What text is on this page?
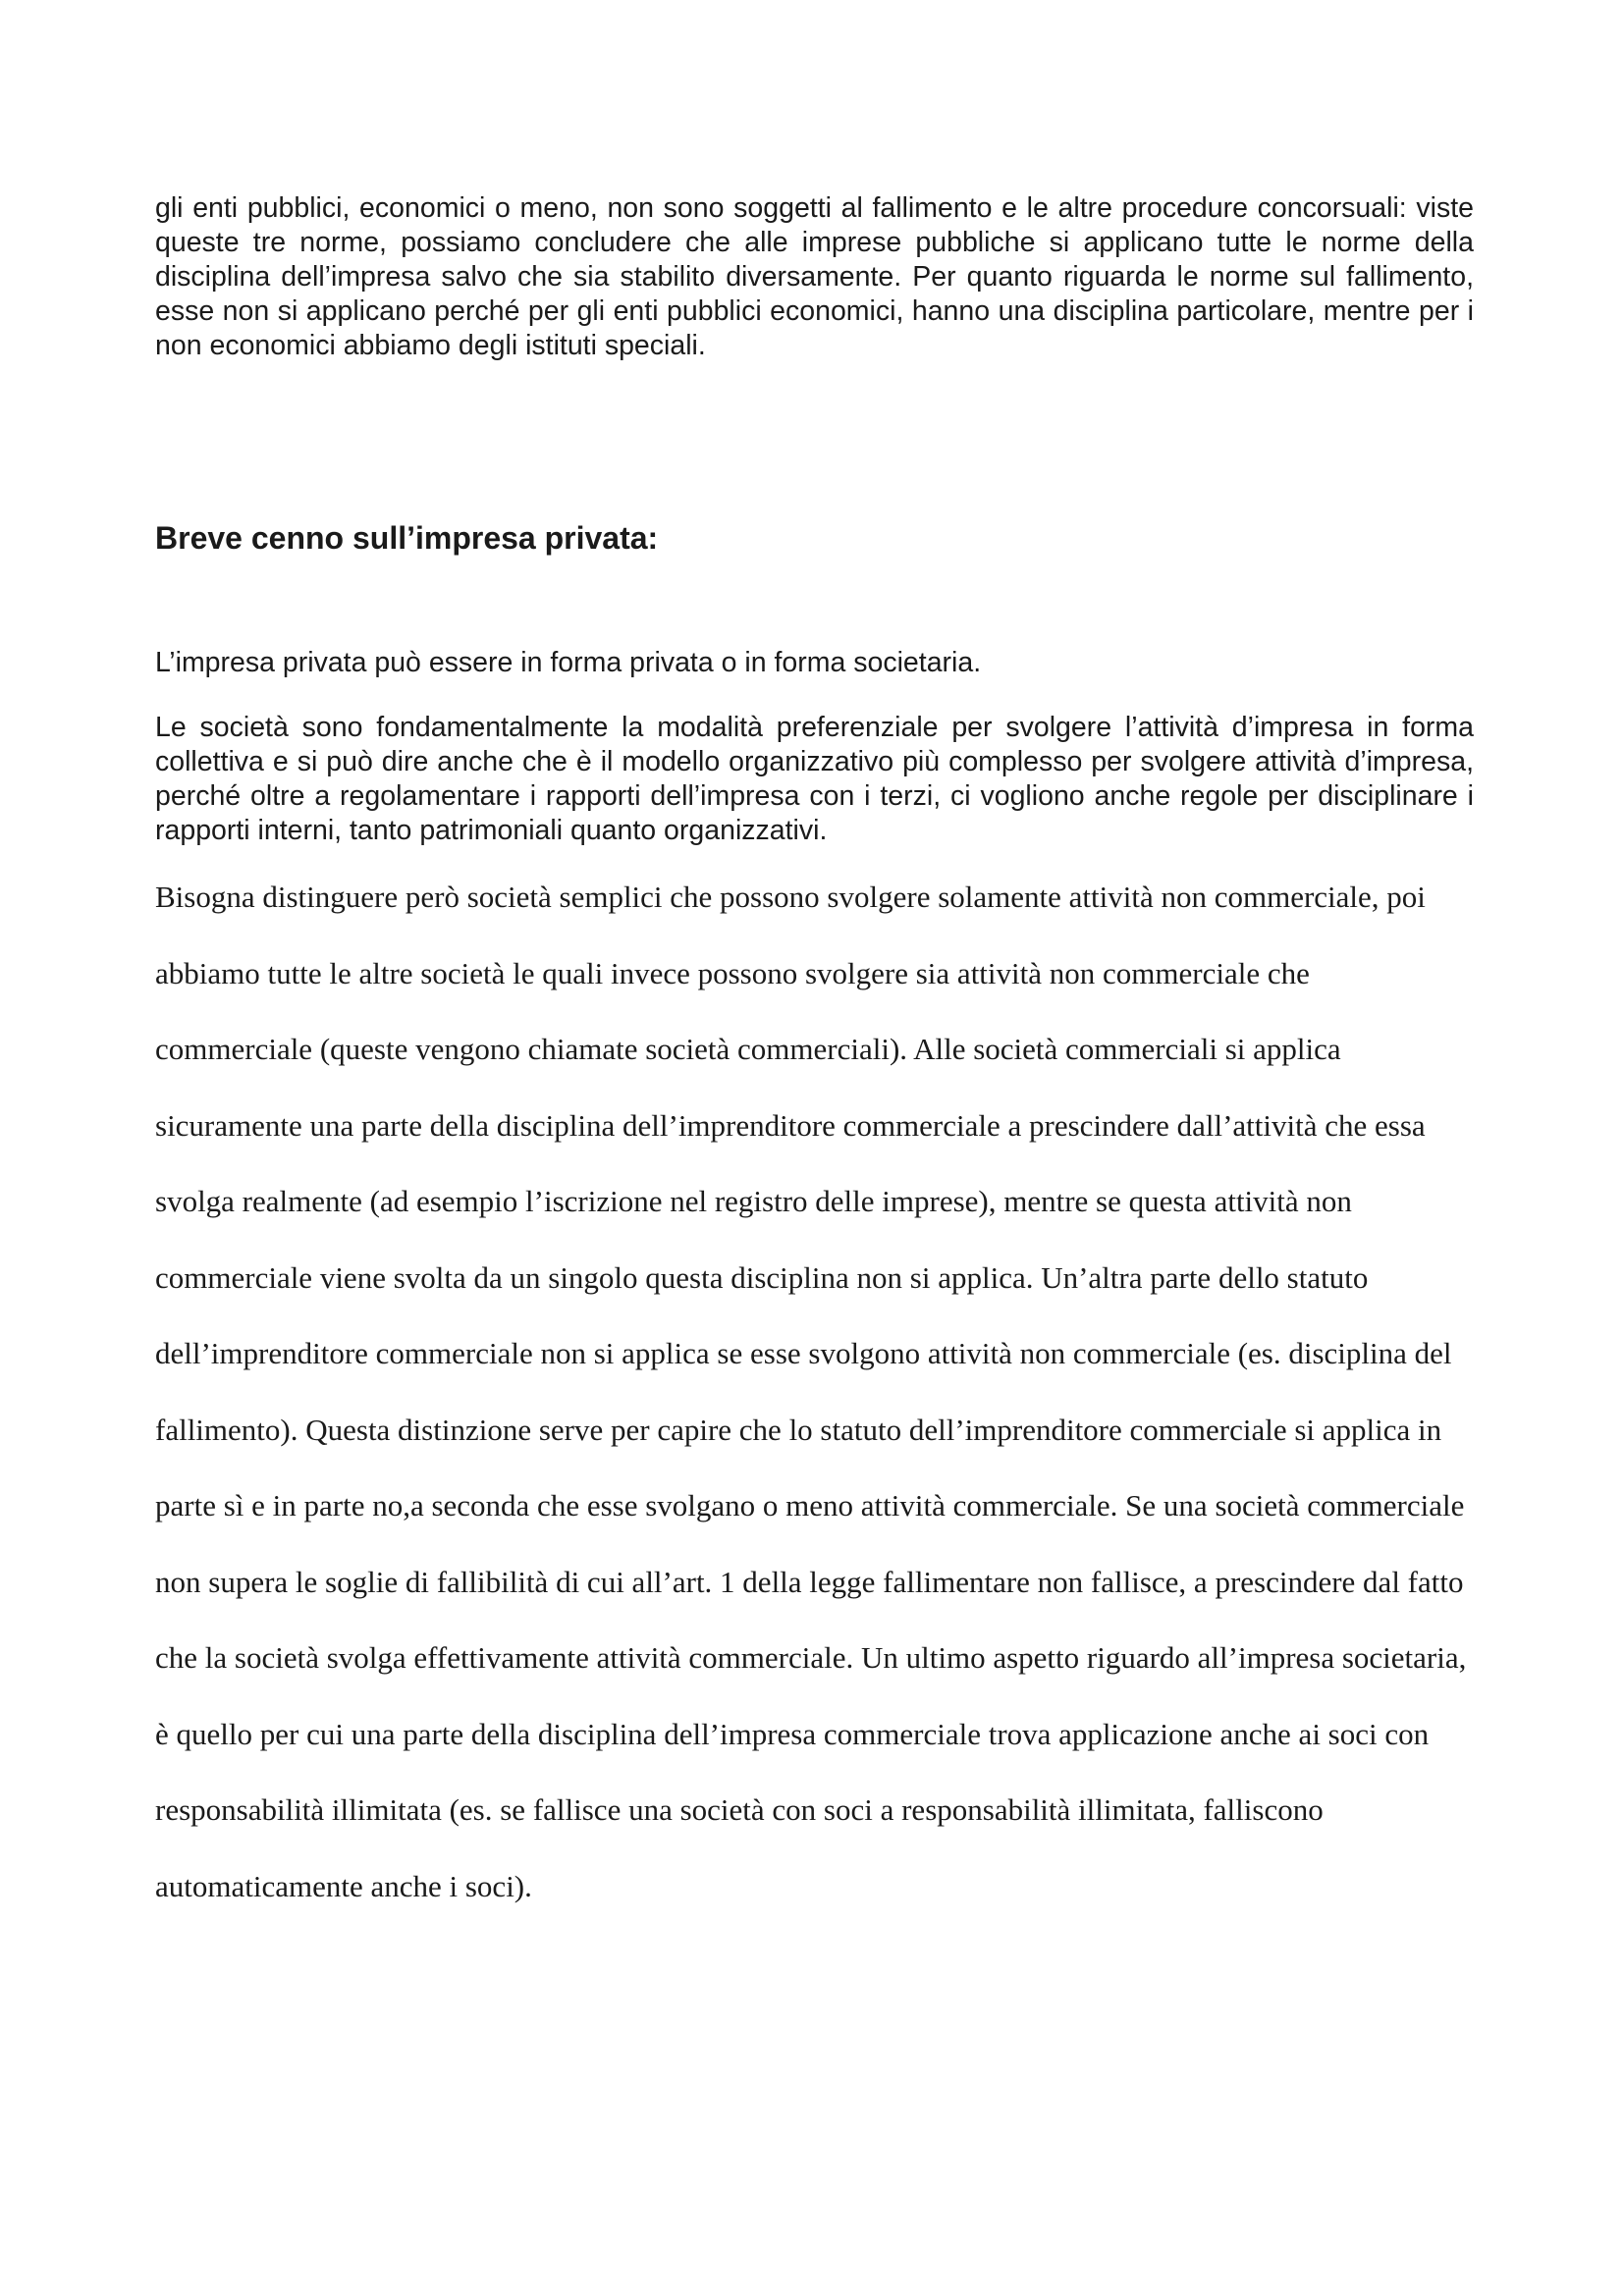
gli enti pubblici, economici o meno, non sono soggetti al fallimento e le altre procedure concorsuali: viste queste tre norme, possiamo concludere che alle imprese pubbliche si applicano tutte le norme della disciplina dell’impresa salvo che sia stabilito diversamente. Per quanto riguarda le norme sul fallimento, esse non si applicano perché per gli enti pubblici economici, hanno una disciplina particolare, mentre per i non economici abbiamo degli istituti speciali.

Breve cenno sull’impresa privata:

L’impresa privata può essere in forma privata o in forma societaria.

Le società sono fondamentalmente la modalità preferenziale per svolgere l’attività d’impresa in forma collettiva e si può dire anche che è il modello organizzativo più complesso per svolgere attività d’impresa, perché oltre a regolamentare i rapporti dell’impresa con i terzi, ci vogliono anche regole per disciplinare i rapporti interni, tanto patrimoniali quanto organizzativi.

Bisogna distinguere però società semplici che possono svolgere solamente attività non commerciale, poi abbiamo tutte le altre società le quali invece possono svolgere sia attività non commerciale che commerciale (queste vengono chiamate società commerciali). Alle società commerciali si applica sicuramente una parte della disciplina dell’imprenditore commerciale a prescindere dall’attività che essa svolga realmente (ad esempio l’iscrizione nel registro delle imprese), mentre se questa attività non commerciale viene svolta da un singolo questa disciplina non si applica. Un’altra parte dello statuto dell’imprenditore commerciale non si applica se esse svolgono attività non commerciale (es. disciplina del fallimento). Questa distinzione serve per capire che lo statuto dell’imprenditore commerciale si applica in parte sì e in parte no,a seconda che esse svolgano o meno attività commerciale. Se una società commerciale non supera le soglie di fallibilità di cui all’art. 1 della legge fallimentare non fallisce, a prescindere dal fatto che la società svolga effettivamente attività commerciale. Un ultimo aspetto riguardo all’impresa societaria, è quello per cui una parte della disciplina dell’impresa commerciale trova applicazione anche ai soci con responsabilità illimitata (es. se fallisce una società con soci a responsabilità illimitata, falliscono automaticamente anche i soci).
